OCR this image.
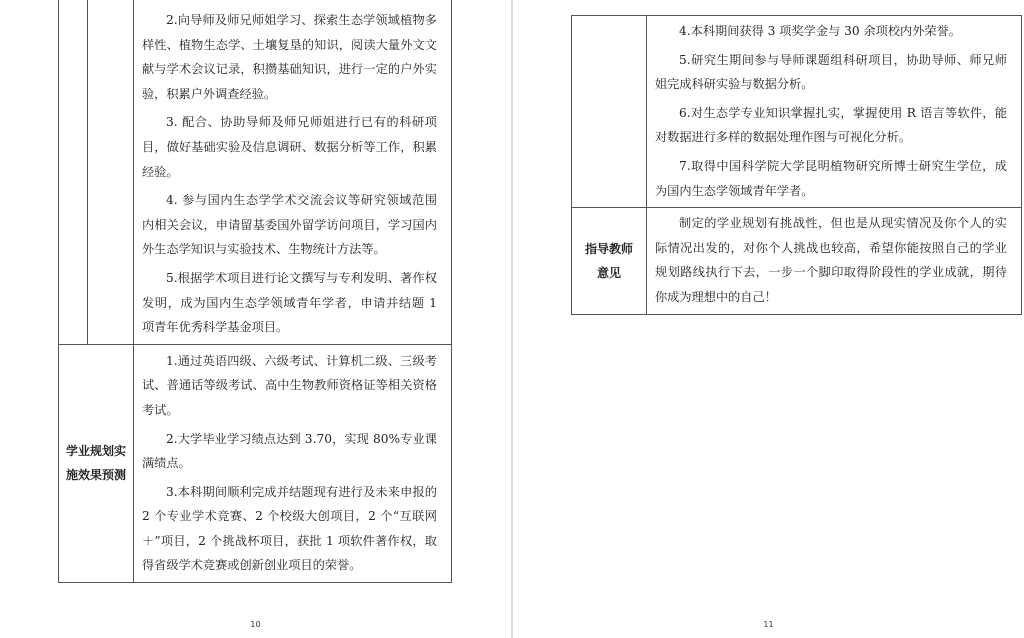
		2.向导师及师兄师姐学习、探索生态学领域植物多样性、植物生态学、土壤复垦的知识，阅读大量外文文献与学术会议记录，积攒基础知识，进行一定的户外实验，积累户外调查经验。

3. 配合、协助导师及师兄师姐进行已有的科研项目，做好基础实验及信息调研、数据分析等工作，积累经验。

4. 参与国内生态学学术交流会议等研究领域范围内相关会议，申请留基委国外留学访问项目，学习国内外生态学知识与实验技术、生物统计方法等。

5.根据学术项目进行论文撰写与专利发明、著作权发明，成为国内生态学领域青年学者，申请并结题 1 项青年优秀科学基金项目。

学业规划实施效果预测		1.通过英语四级、六级考试、计算机二级、三级考试、普通话等级考试、高中生物教师资格证等相关资格考试。

2.大学毕业学习绩点达到 3.70，实现 80%专业课满绩点。

3.本科期间顺利完成并结题现有进行及未来申报的 2 个专业学术竞赛、2 个校级大创项目，2 个“互联网＋”项目，2 个挑战杯项目，获批 1 项软件著作权，取得省级学术竞赛或创新创业项目的荣誉。

10

	4.本科期间获得 3 项奖学金与 30 余项校内外荣誉。

5.研究生期间参与导师课题组科研项目，协助导师、师兄师姐完成科研实验与数据分析。

6.对生态学专业知识掌握扎实，掌握使用 R 语言等软件，能对数据进行多样的数据处理作图与可视化分析。

7.取得中国科学院大学昆明植物研究所博士研究生学位，成为国内生态学领域青年学者。

指导教师
意见	制定的学业规划有挑战性，但也是从现实情况及你个人的实际情况出发的，对你个人挑战也较高，希望你能按照自己的学业规划路线执行下去，一步一个脚印取得阶段性的学业成就，期待你成为理想中的自己！

11
